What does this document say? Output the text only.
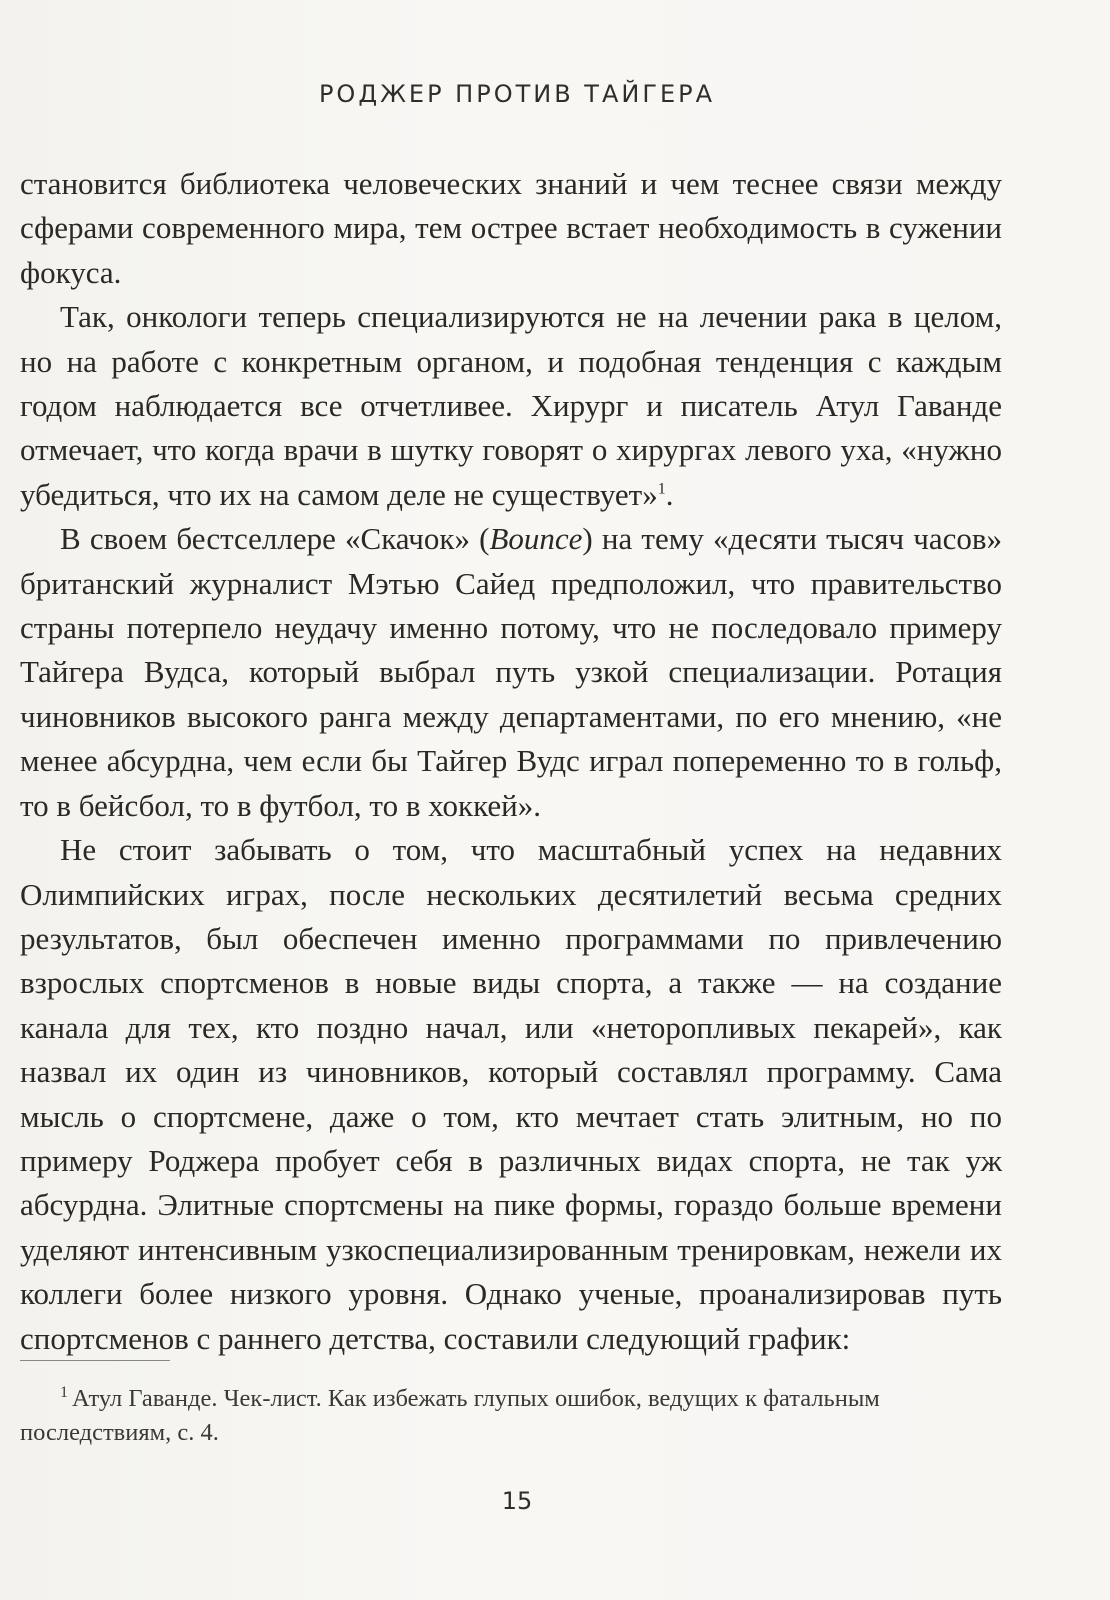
РОДЖЕР ПРОТИВ ТАЙГЕРА

становится библиотека человеческих знаний и чем теснее связи между сферами современного мира, тем острее встает необходимость в сужении фокуса.

Так, онкологи теперь специализируются не на лечении рака в целом, но на работе с конкретным органом, и подобная тенденция с каждым годом наблюдается все отчетливее. Хирург и писатель Атул Гаванде отмечает, что когда врачи в шутку говорят о хирургах левого уха, «нужно убедиться, что их на самом деле не существует»$^1$.

В своем бестселлере «Скачок» (Bounce) на тему «десяти тысяч часов» британский журналист Мэтью Сайед предположил, что правительство страны потерпело неудачу именно потому, что не последовало примеру Тайгера Вудса, который выбрал путь узкой специализации. Ротация чиновников высокого ранга между департаментами, по его мнению, «не менее абсурдна, чем если бы Тайгер Вудс играл попеременно то в гольф, то в бейсбол, то в футбол, то в хоккей».

Не стоит забывать о том, что масштабный успех на недавних Олимпийских играх, после нескольких десятилетий весьма средних результатов, был обеспечен именно программами по привлечению взрослых спортсменов в новые виды спорта, а также — на создание канала для тех, кто поздно начал, или «неторопливых пекарей», как назвал их один из чиновников, который составлял программу. Сама мысль о спортсмене, даже о том, кто мечтает стать элитным, но по примеру Роджера пробует себя в различных видах спорта, не так уж абсурдна. Элитные спортсмены на пике формы, гораздо больше времени уделяют интенсивным узкоспециализированным тренировкам, нежели их коллеги более низкого уровня. Однако ученые, проанализировав путь спортсменов с раннего детства, составили следующий график:

$^1$ Атул Гаванде. Чек-лист. Как избежать глупых ошибок, ведущих к фатальным последствиям, с. 4.
15
